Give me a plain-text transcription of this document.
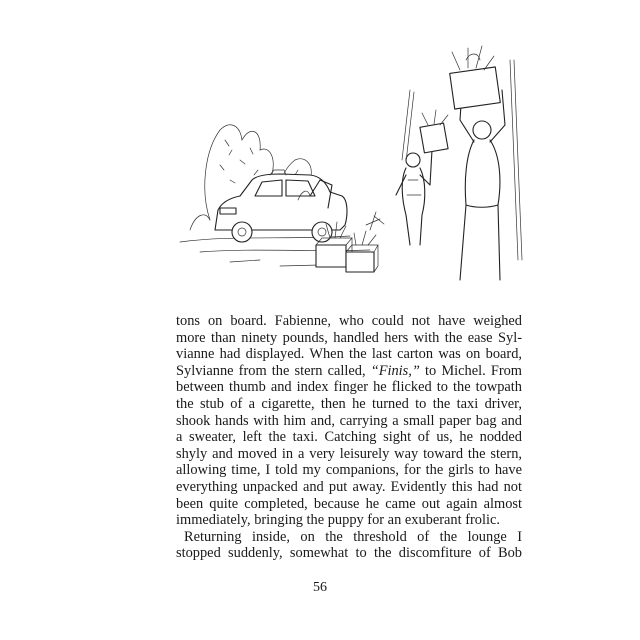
tons on board. Fabienne, who could not have weighed
more than ninety pounds, handled hers with the ease Syl-
vianne had displayed. When the last carton was on board,
Sylvianne from the stern called, “Finis,” to Michel. From
between thumb and index finger he flicked to the towpath
the stub of a cigarette, then he turned to the taxi driver,
shook hands with him and, carrying a small paper bag and
a sweater, left the taxi. Catching sight of us, he nodded
shyly and moved in a very leisurely way toward the stern,
allowing time, I told my companions, for the girls to have
everything unpacked and put away. Evidently this had not
been quite completed, because he came out again almost
immediately, bringing the puppy for an exuberant frolic.
Returning inside, on the threshold of the lounge I
stopped suddenly, somewhat to the discomfiture of Bob
56
